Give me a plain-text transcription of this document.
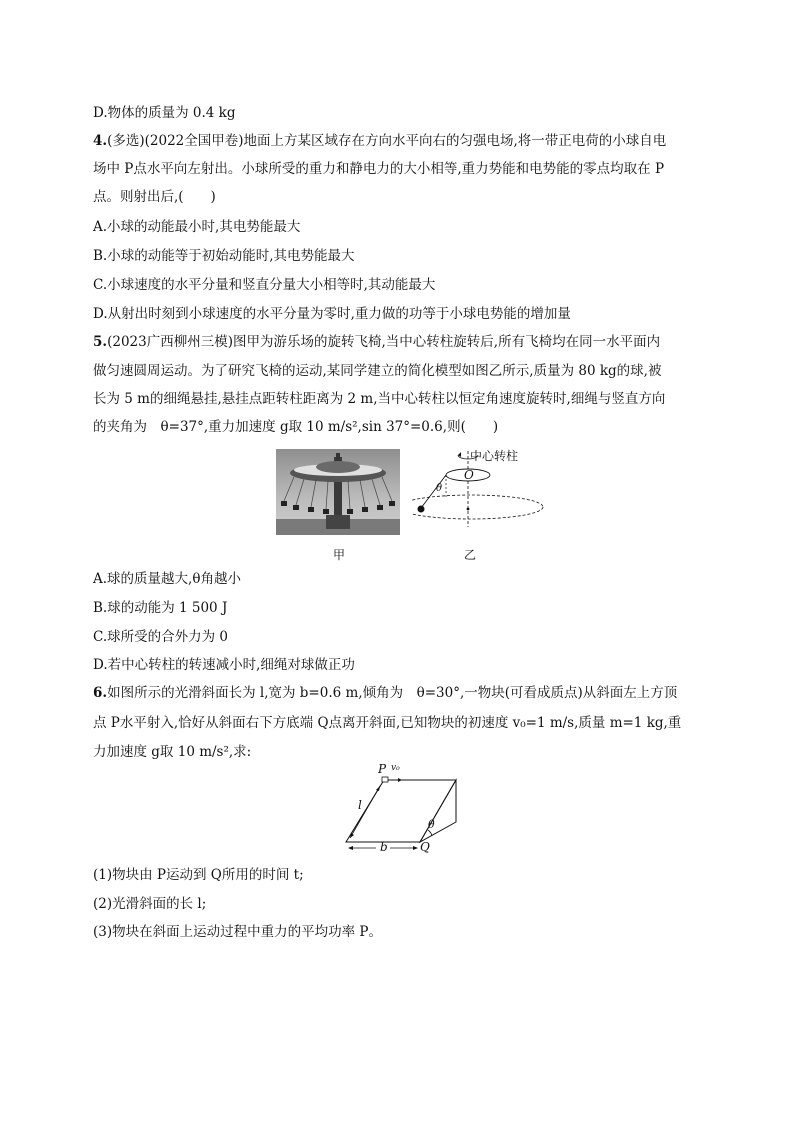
D.物体的质量为 0.4 kg
4.(多选)(2022全国甲卷)地面上方某区域存在方向水平向右的匀强电场,将一带正电荷的小球自电
场中 P点水平向左射出。小球所受的重力和静电力的大小相等,重力势能和电势能的零点均取在 P
点。则射出后,(　　)
A.小球的动能最小时,其电势能最大
B.小球的动能等于初始动能时,其电势能最大
C.小球速度的水平分量和竖直分量大小相等时,其动能最大
D.从射出时刻到小球速度的水平分量为零时,重力做的功等于小球电势能的增加量
5.(2023广西柳州三模)图甲为游乐场的旋转飞椅,当中心转柱旋转后,所有飞椅均在同一水平面内
做匀速圆周运动。为了研究飞椅的运动,某同学建立的简化模型如图乙所示,质量为 80 kg的球,被
长为 5 m的细绳悬挂,悬挂点距转柱距离为 2 m,当中心转柱以恒定角速度旋转时,细绳与竖直方向
的夹角为　θ=37°,重力加速度 g取 10 m/s²,sin 37°=0.6,则(　　)
甲
中心转柱
O
θ
乙
A.球的质量越大,θ角越小
B.球的动能为 1 500 J
C.球所受的合外力为 0
D.若中心转柱的转速减小时,细绳对球做正功
6.如图所示的光滑斜面长为 l,宽为 b=0.6 m,倾角为　θ=30°,一物块(可看成质点)从斜面左上方顶
点 P水平射入,恰好从斜面右下方底端 Q点离开斜面,已知物块的初速度 v₀=1 m/s,质量 m=1 kg,重
力加速度 g取 10 m/s²,求:
P v₀
l
b	Q
θ
(1)物块由 P运动到 Q所用的时间 t;
(2)光滑斜面的长 l;
(3)物块在斜面上运动过程中重力的平均功率 P。
